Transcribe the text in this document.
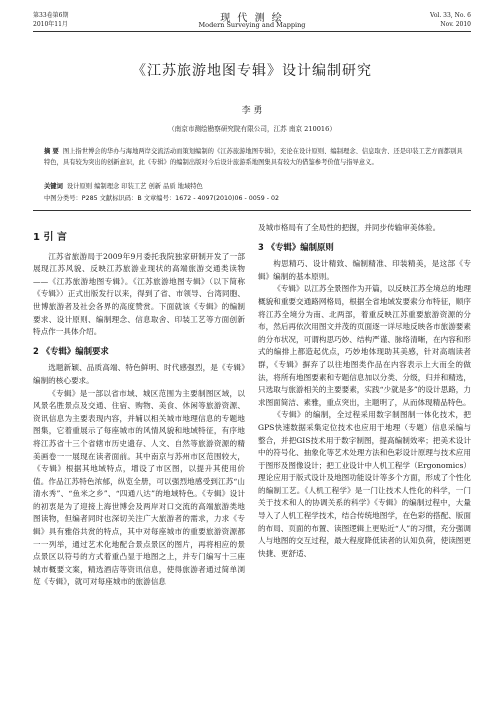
第33卷第6期
2010年11月
现 代 测 绘
Modern Surveying and Mapping
Vol. 33, No. 6
Nov. 2010
《江苏旅游地图专辑》设计编制研究
李 勇
（南京市测绘勘察研究院有限公司，江苏 南京 210016）
摘 要 图上指世博会的华办与海地两岸交流活动而策划编制的《江苏旅游地图专辑》，充论在设计原则、编制理念、信息取舍、还是印装工艺方面都别具特色，具有较为突出的创新意识，此《专辑》的编制出版对今后设计旅游系地图集具有较大的借鉴参考价值与指导意义。
关键词 设计原则 编制理念 印装工艺 创新 品质 地域特色
中图分类号：P285 文献标识码：B 文章编号：1672 - 4097(2010)06 - 0059 - 02
1 引 言

江苏省旅游局于2009年9月委托我院独家研制开发了一部展现江苏风貌、反映江苏旅游业现状的高端旅游交通类读物——《江苏旅游地图专辑》。《江苏旅游地图专辑》（以下简称《专辑》）正式出版发行以来，得到了省、市领导、台湾同胞、世博旅游者及社会各界的高度赞赏。下面就该《专辑》的编制要求、设计原则、编制理念、信息取舍、印装工艺等方面创新特点作一具体介绍。

2 《专辑》编制要求

选题新颖、品质高端、特色鲜明、时代感强烈，是《专辑》编制的核心要求。

《专辑》是一部以省市域、城区范围为主要制图区域，以风景名胜景点及交通、住宿、购物、美食、休闲等旅游资源、资讯信息为主要表现内容，并辅以相关城市地理信息的专题地图集，它着重展示了每座城市的风情风貌和地域特征，有序地将江苏省十三个省辖市历史遗存、人文、自然等旅游资源的精美画卷一一展现在读者面前。其中南京与苏州市区范围较大，《专辑》根据其地域特点，增设了市区图，以提升其使用价值。作品江苏特色浓郁，纵览全册，可以强烈地感受到江苏“山清水秀”、“鱼米之乡”、“四通八达”的地域特色。《专辑》设计的初衷是为了迎接上海世博会及两岸对口交流的高端旅游类地图读物，但编者同时也深切关注广大旅游者的需求，力求《专辑》具有雅俗共赏的特点，其中对每座城市的重要旅游资源都一一列举，通过艺术化地配合景点景区的图片，再将相应的景点景区以符号的方式着重凸显于地图之上，并专门编写十三座城市概要文案，精选酒店等资讯信息，使得旅游者通过简单浏览《专辑》，就可对每座城市的旅游信息

及城市格局有了全局性的把握，并同步传输审美体验。

3 《专辑》编制原则

构思精巧、设计精致、编制精准、印装精美，是这部《专辑》编制的基本原则。

《专辑》以江苏全景图作为开篇，以反映江苏全境总的地理概貌和重要交通路网格局，根据全省地域发要索分布特征，顺序将江苏全境分为南、北两部，着重反映江苏重要旅游资源的分布，然后再依次用图文并茂的页面逐一详尽地反映各市旅游要素的分布状况，可谓构思巧妙、结构严谨、脉络清晰，在内容和形式的编排上都造起优点，巧妙地体现助其美感，针对高端读者群，《专辑》摒弃了以往地图类作品在内容表示上大而全的做法，将所有地图要素和专题信息加以分类、分级，归并和精选，只选取与旅游相关的主要要素，实践“少就是多”的设计思路，力求图面简洁、素雅，重点突出，主题明了，从而体现精品特色。

《专辑》的编制，全过程采用数字制图制一体化技术，把GPS快速数据采集定位技术也应用于地理（专题）信息采编与整合，并把GIS技术用于数字制图，提高编制效率；把美术设计中的符号化、抽象化等艺术处理方法和色彩设计原理与技术应用于图形及图像设计；把工业设计中人机工程学（Ergonomics）理论应用于版式设计及地图功能设计等多个方面，形成了个性化的编制工艺。《人机工程学》是一门让技术人性化的科学，一门关于技术和人的协调关系的科学》《专辑》的编制过程中，大量导入了人机工程学技术，结合传统地图学，在色彩的搭配、版面的布局、页面的布置、读图逻辑上更贴近“人”的习惯，充分强调人与地图的交互过程，最大程度降低读者的认知负荷，使读图更快捷、更舒适、
